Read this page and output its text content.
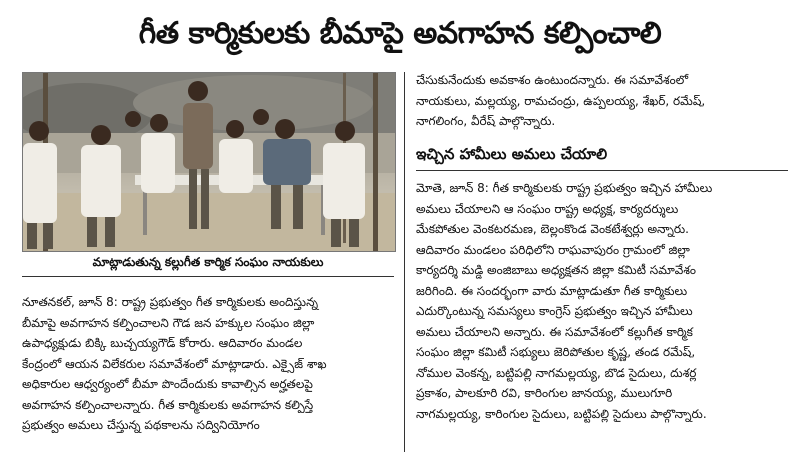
గీత కార్మికులకు బీమాపై అవగాహన కల్పించాలి
మాట్లాడుతున్న కల్లుగీత కార్మిక సంఘం నాయకులు
నూతనకల్, జూన్ 8: రాష్ట్ర ప్రభుత్వం గీత కార్మికులకు అందిస్తున్న
బీమాపై అవగాహన కల్పించాలని గౌడ జన హక్కుల సంఘం జిల్లా
ఉపాధ్యక్షుడు బిక్కి బుచ్చయ్యగౌడ్ కోరారు. ఆదివారం మండల
కేంద్రంలో ఆయన విలేకరుల సమావేశంలో మాట్లాడారు. ఎక్సైజ్ శాఖ
అధికారుల ఆధ్వర్యంలో బీమా పొందేందుకు కావాల్సిన అర్హతలపై
అవగాహన కల్పించాలన్నారు. గీత కార్మికులకు అవగాహన కల్పిస్తే
ప్రభుత్వం అమలు చేస్తున్న పథకాలను సద్వినియోగం
చేసుకునేందుకు అవకాశం ఉంటుందన్నారు. ఈ సమావేశంలో
నాయకులు, మల్లయ్య, రామచంద్రు, ఉప్పలయ్య, శేఖర్, రమేష్,
నాగలింగం, వీరేష్ పాల్గొన్నారు.
ఇచ్చిన హామీలు అమలు చేయాలి
మోతె, జూన్ 8: గీత కార్మికులకు రాష్ట్ర ప్రభుత్వం ఇచ్చిన హామీలు
అమలు చేయాలని ఆ సంఘం రాష్ట్ర అధ్యక్ష, కార్యదర్శులు
మేకపోతుల వెంకటరమణ, బెల్లంకొండ వెంకటేశ్వర్లు అన్నారు.
ఆదివారం మండలం పరిధిలోని రాఘవాపురం గ్రామంలో జిల్లా
కార్యదర్శి మడ్డి అంజిబాబు అధ్యక్షతన జిల్లా కమిటీ సమావేశం
జరిగింది. ఈ సందర్భంగా వారు మాట్లాడుతూ గీత కార్మికులు
ఎదుర్కొంటున్న సమస్యలు కాంగ్రెస్ ప్రభుత్వం ఇచ్చిన హామీలు
అమలు చేయాలని అన్నారు. ఈ సమావేశంలో కల్లుగీత కార్మిక
సంఘం జిల్లా కమిటీ సభ్యులు జెరిపోతుల కృష్ణ, తండ రమేష్,
నోముల వెంకన్న, బట్టిపల్లి నాగమల్లయ్య, బొడ సైదులు, దుశర్ల
ప్రకాశం, పాలకూరి రవి, కారింగుల జానయ్య, ములుగూరి
నాగమల్లయ్య, కారింగుల సైదులు, బట్టిపల్లి సైదులు పాల్గొన్నారు.
